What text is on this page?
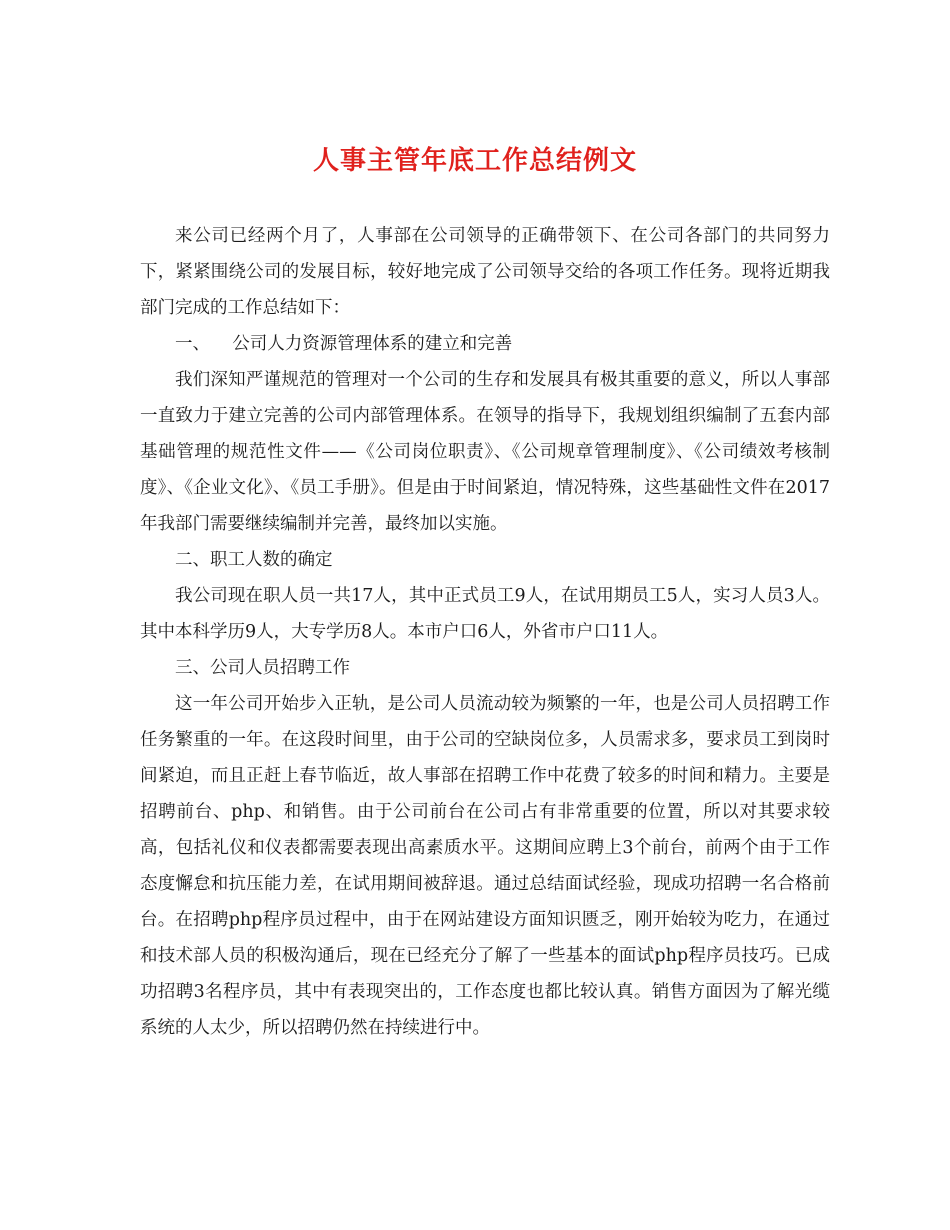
人事主管年底工作总结例文

来公司已经两个月了，人事部在公司领导的正确带领下、在公司各部门的共同努力下，紧紧围绕公司的发展目标，较好地完成了公司领导交给的各项工作任务。现将近期我部门完成的工作总结如下：

一、    公司人力资源管理体系的建立和完善

我们深知严谨规范的管理对一个公司的生存和发展具有极其重要的意义，所以人事部一直致力于建立完善的公司内部管理体系。在领导的指导下，我规划组织编制了五套内部基础管理的规范性文件——《公司岗位职责》、《公司规章管理制度》、《公司绩效考核制度》、《企业文化》、《员工手册》。但是由于时间紧迫，情况特殊，这些基础性文件在2017年我部门需要继续编制并完善，最终加以实施。

二、职工人数的确定

我公司现在职人员一共17人，其中正式员工9人，在试用期员工5人，实习人员3人。其中本科学历9人，大专学历8人。本市户口6人，外省市户口11人。

三、公司人员招聘工作

这一年公司开始步入正轨，是公司人员流动较为频繁的一年，也是公司人员招聘工作任务繁重的一年。在这段时间里，由于公司的空缺岗位多，人员需求多，要求员工到岗时间紧迫，而且正赶上春节临近，故人事部在招聘工作中花费了较多的时间和精力。主要是招聘前台、php、和销售。由于公司前台在公司占有非常重要的位置，所以对其要求较高，包括礼仪和仪表都需要表现出高素质水平。这期间应聘上3个前台，前两个由于工作态度懈怠和抗压能力差，在试用期间被辞退。通过总结面试经验，现成功招聘一名合格前台。在招聘php程序员过程中，由于在网站建设方面知识匮乏，刚开始较为吃力，在通过和技术部人员的积极沟通后，现在已经充分了解了一些基本的面试php程序员技巧。已成功招聘3名程序员，其中有表现突出的，工作态度也都比较认真。销售方面因为了解光缆系统的人太少，所以招聘仍然在持续进行中。
